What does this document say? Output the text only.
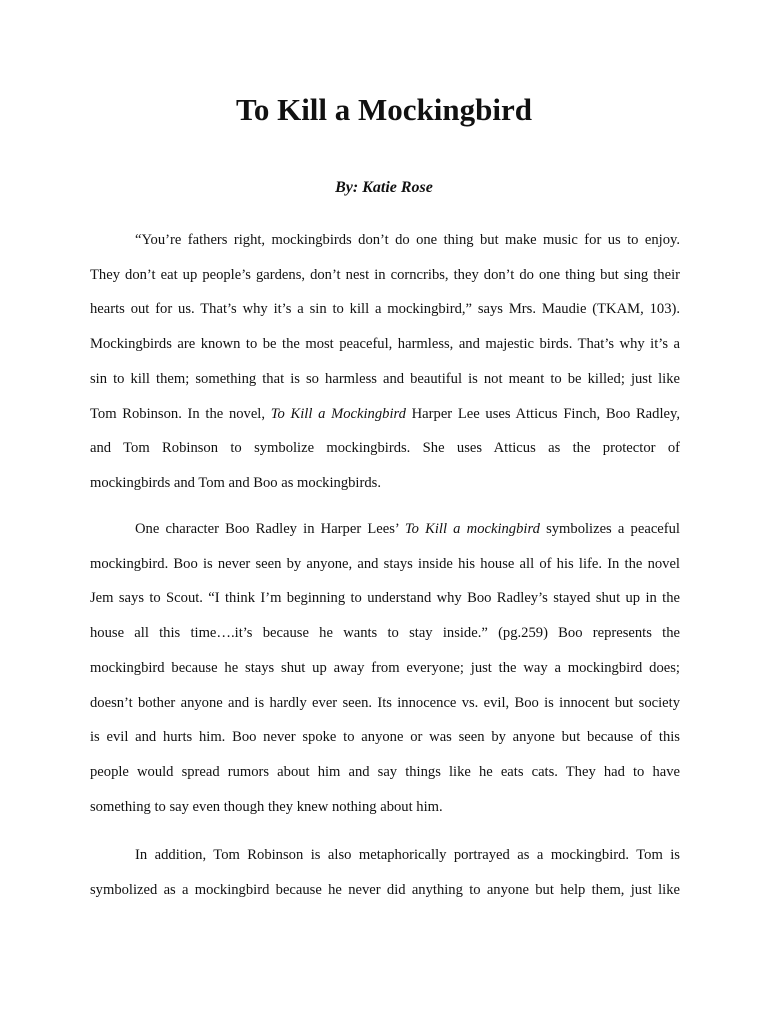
To Kill a Mockingbird

By: Katie Rose

“You’re fathers right, mockingbirds don’t do one thing but make music for us to enjoy.

They don’t eat up people’s gardens, don’t nest in corncribs, they don’t do one thing but sing their

hearts out for us. That’s why it’s a sin to kill a mockingbird,” says Mrs. Maudie (TKAM, 103).

Mockingbirds are known to be the most peaceful, harmless, and majestic birds. That’s why it’s a

sin to kill them; something that is so harmless and beautiful is not meant to be killed; just like

Tom Robinson. In the novel, To Kill a Mockingbird Harper Lee uses Atticus Finch, Boo Radley,

and Tom Robinson to symbolize mockingbirds. She uses Atticus as the protector of

mockingbirds and Tom and Boo as mockingbirds.

One character Boo Radley in Harper Lees’ To Kill a mockingbird symbolizes a peaceful

mockingbird. Boo is never seen by anyone, and stays inside his house all of his life. In the novel

Jem says to Scout. “I think I’m beginning to understand why Boo Radley’s stayed shut up in the

house all this time….it’s because he wants to stay inside.” (pg.259) Boo represents the

mockingbird because he stays shut up away from everyone; just the way a mockingbird does;

doesn’t bother anyone and is hardly ever seen. Its innocence vs. evil, Boo is innocent but society

is evil and hurts him. Boo never spoke to anyone or was seen by anyone but because of this

people would spread rumors about him and say things like he eats cats. They had to have

something to say even though they knew nothing about him.

In addition, Tom Robinson is also metaphorically portrayed as a mockingbird. Tom is

symbolized as a mockingbird because he never did anything to anyone but help them, just like
